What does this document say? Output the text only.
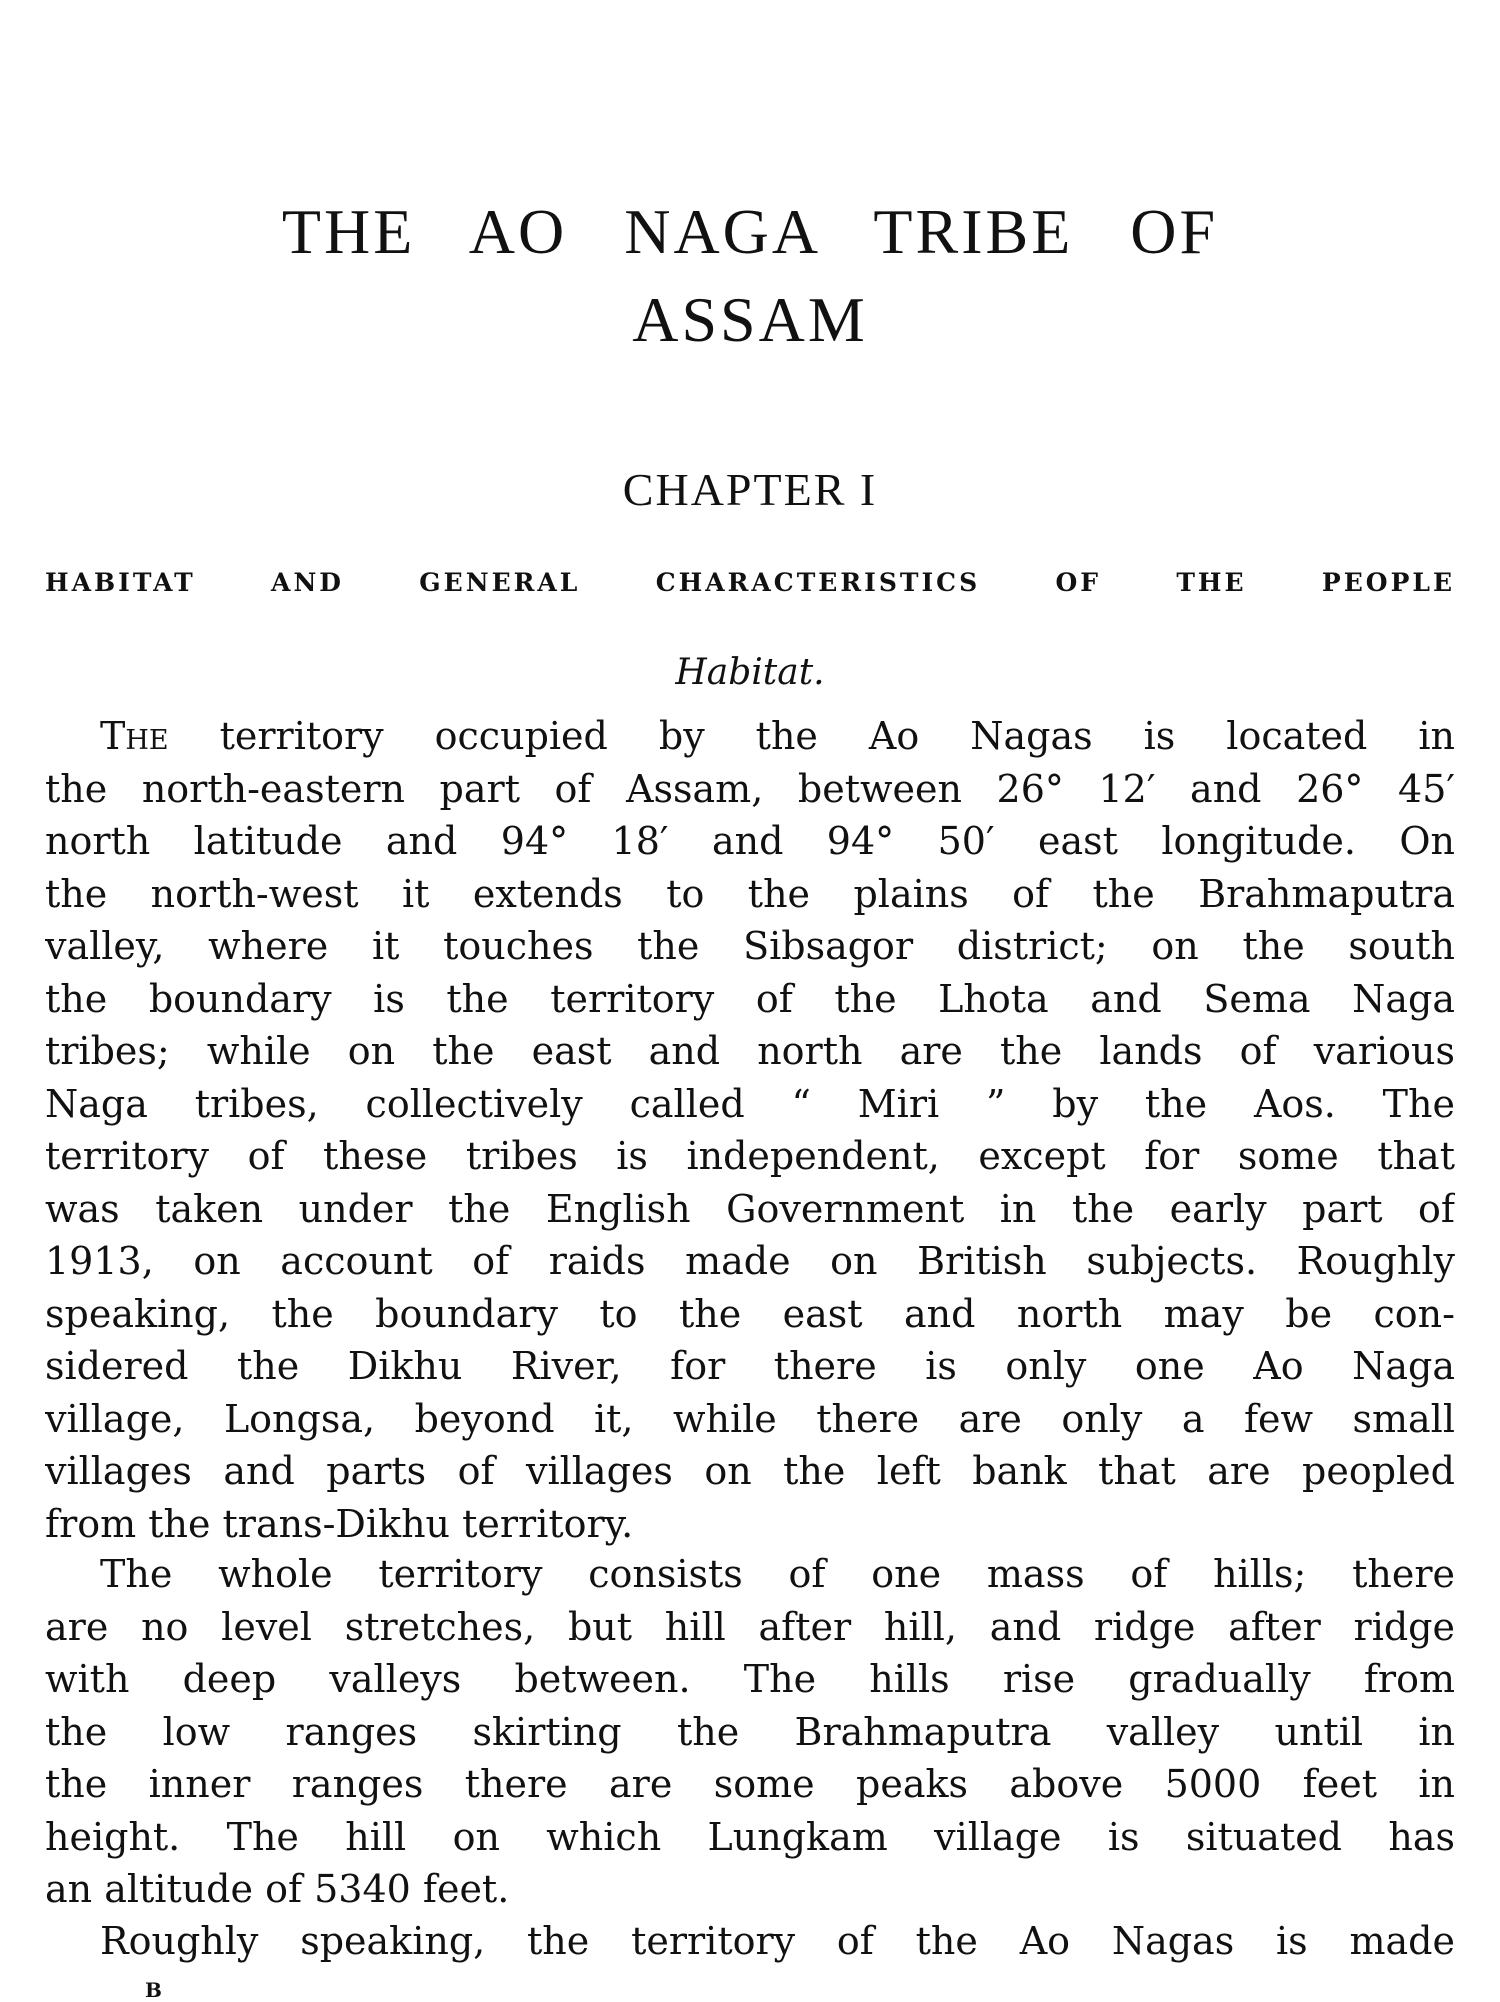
THE AO NAGA TRIBE OF
ASSAM
CHAPTER I
HABITAT AND GENERAL CHARACTERISTICS OF THE PEOPLE
Habitat.
The territory occupied by the Ao Nagas is located in
the north-eastern part of Assam, between 26° 12′ and 26° 45′
north latitude and 94° 18′ and 94° 50′ east longitude. On
the north-west it extends to the plains of the Brahmaputra
valley, where it touches the Sibsagor district; on the south
the boundary is the territory of the Lhota and Sema Naga
tribes; while on the east and north are the lands of various
Naga tribes, collectively called “ Miri ” by the Aos. The
territory of these tribes is independent, except for some that
was taken under the English Government in the early part of
1913, on account of raids made on British subjects. Roughly
speaking, the boundary to the east and north may be con-
sidered the Dikhu River, for there is only one Ao Naga
village, Longsa, beyond it, while there are only a few small
villages and parts of villages on the left bank that are peopled
from the trans-Dikhu territory.
The whole territory consists of one mass of hills; there
are no level stretches, but hill after hill, and ridge after ridge
with deep valleys between. The hills rise gradually from
the low ranges skirting the Brahmaputra valley until in
the inner ranges there are some peaks above 5000 feet in
height. The hill on which Lungkam village is situated has
an altitude of 5340 feet.
Roughly speaking, the territory of the Ao Nagas is made
B
